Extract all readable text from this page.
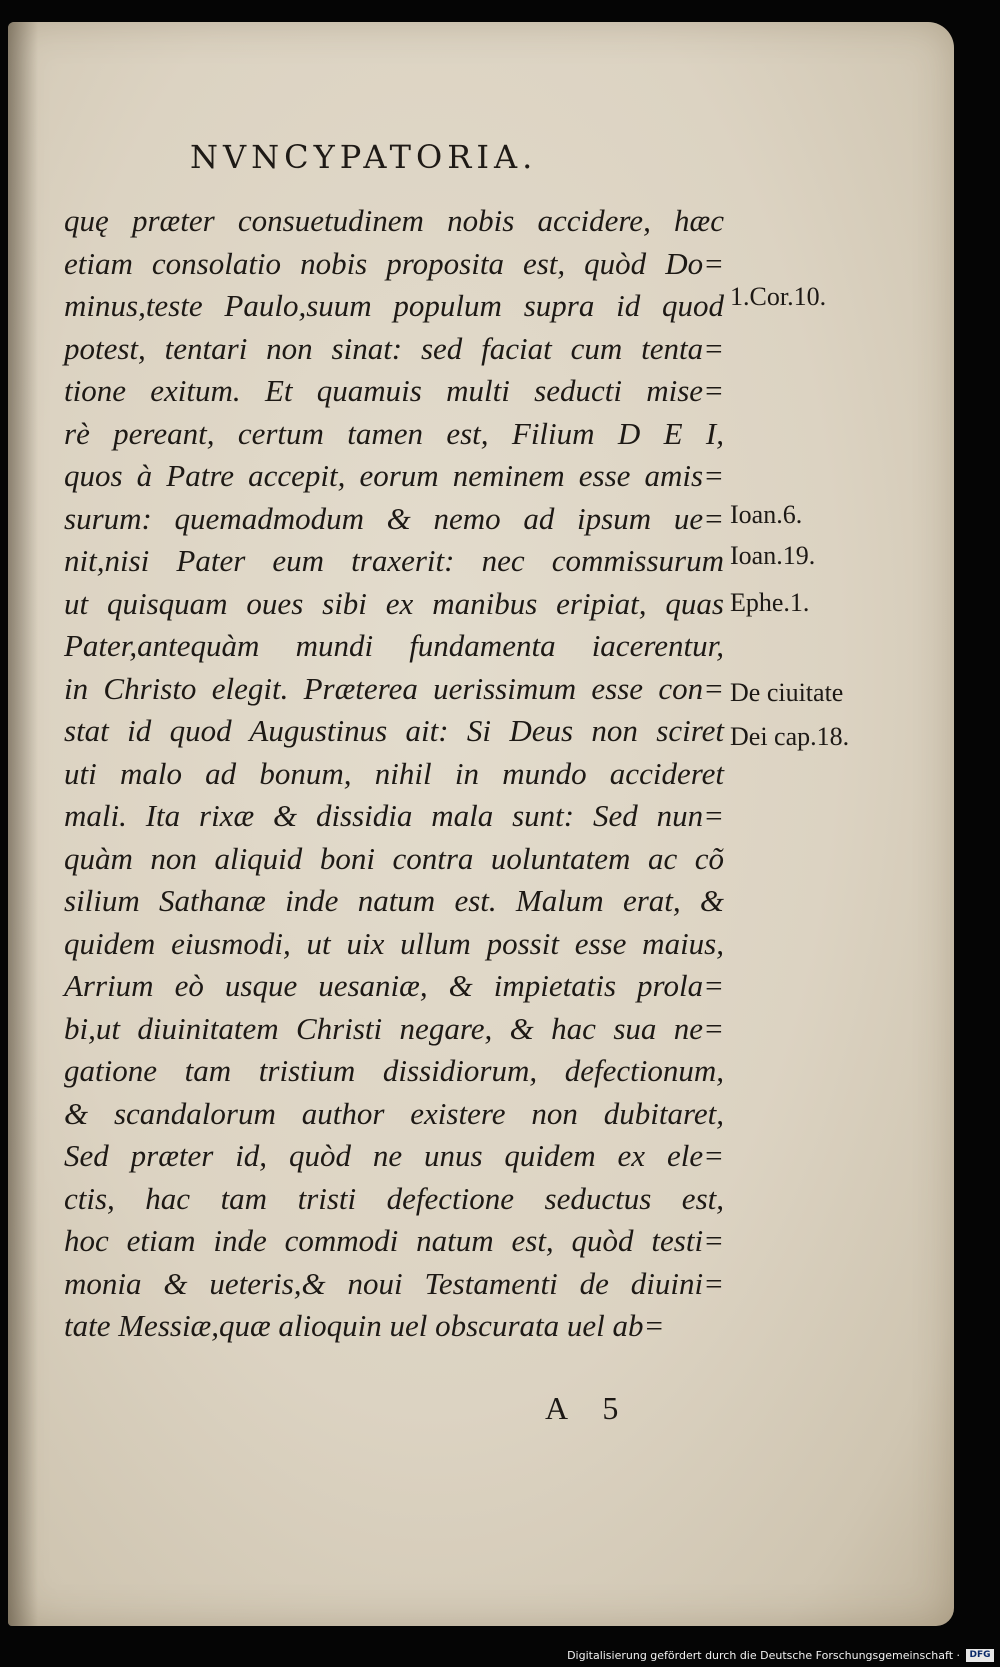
NVNCYPATORIA.
quę præter consuetudinem nobis accidere, hæc
etiam consolatio nobis proposita est, quòd Do=
minus,teste Paulo,suum populum supra id quod
potest, tentari non sinat: sed faciat cum tenta=
tione exitum. Et quamuis multi seducti mise=
rè pereant, certum tamen est, Filium D E I,
quos à Patre accepit, eorum neminem esse amis=
surum: quemadmodum & nemo ad ipsum ue=
nit,nisi Pater eum traxerit: nec commissurum
ut quisquam oues sibi ex manibus eripiat, quas
Pater,antequàm mundi fundamenta iacerentur,
in Christo elegit. Præterea uerissimum esse con=
stat id quod Augustinus ait: Si Deus non sciret
uti malo ad bonum, nihil in mundo accideret
mali. Ita rixæ & dissidia mala sunt: Sed nun=
quàm non aliquid boni contra uoluntatem ac cõ
silium Sathanæ inde natum est. Malum erat, &
quidem eiusmodi, ut uix ullum possit esse maius,
Arrium eò usque uesaniæ, & impietatis prola=
bi,ut diuinitatem Christi negare, & hac sua ne=
gatione tam tristium dissidiorum, defectionum,
& scandalorum author existere non dubitaret,
Sed præter id, quòd ne unus quidem ex ele=
ctis, hac tam tristi defectione seductus est,
hoc etiam inde commodi natum est, quòd testi=
monia & ueteris,& noui Testamenti de diuini=
tate Messiæ,quæ alioquin uel obscurata uel ab=
1.Cor.10.
Ioan.6.
Ioan.19.
Ephe.1.
De ciuitate
Dei cap.18.
A 5
Digitalisierung gefördert durch die Deutsche Forschungsgemeinschaft ·	DFG
